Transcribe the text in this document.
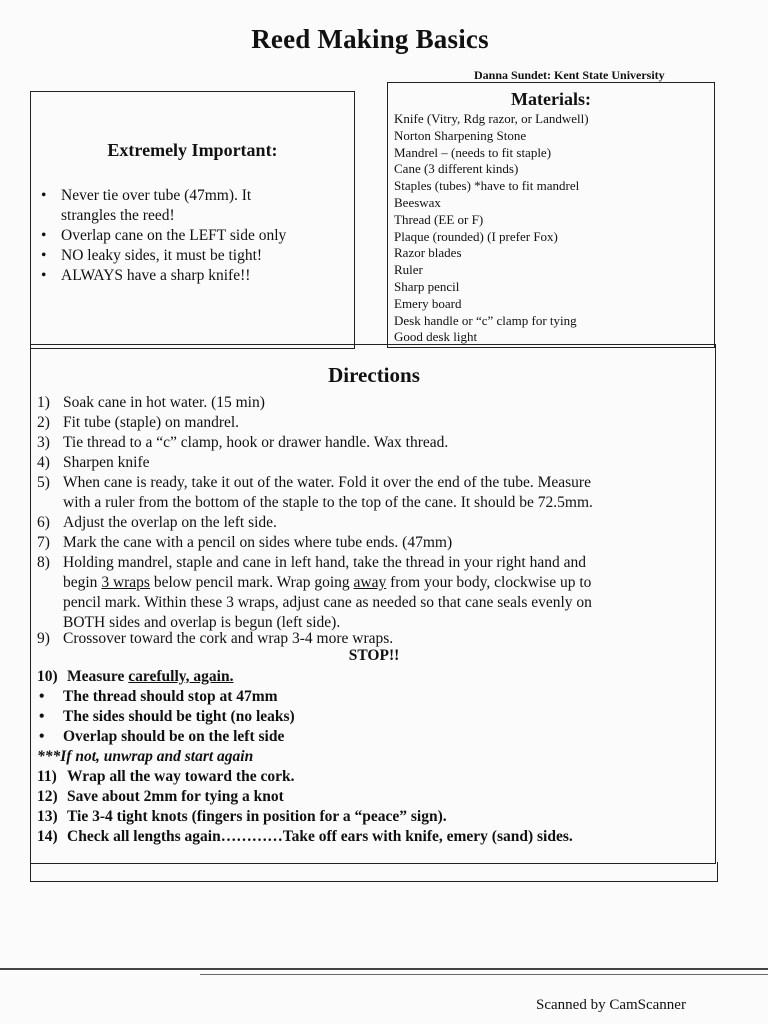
Reed Making Basics
Danna Sundet: Kent State University
Extremely Important:
• Never tie over tube (47mm). It
strangles the reed!
• Overlap cane on the LEFT side only
• NO leaky sides, it must be tight!
• ALWAYS have a sharp knife!!
Materials:
Knife (Vitry, Rdg razor, or Landwell)
Norton Sharpening Stone
Mandrel – (needs to fit staple)
Cane (3 different kinds)
Staples (tubes) *have to fit mandrel
Beeswax
Thread (EE or F)
Plaque (rounded) (I prefer Fox)
Razor blades
Ruler
Sharp pencil
Emery board
Desk handle or “c” clamp for tying
Good desk light
Directions
1) Soak cane in hot water. (15 min)
2) Fit tube (staple) on mandrel.
3) Tie thread to a “c” clamp, hook or drawer handle. Wax thread.
4) Sharpen knife
5) When cane is ready, take it out of the water. Fold it over the end of the tube. Measure
with a ruler from the bottom of the staple to the top of the cane. It should be 72.5mm.
6) Adjust the overlap on the left side.
7) Mark the cane with a pencil on sides where tube ends. (47mm)
8) Holding mandrel, staple and cane in left hand, take the thread in your right hand and
begin 3 wraps below pencil mark. Wrap going away from your body, clockwise up to
pencil mark. Within these 3 wraps, adjust cane as needed so that cane seals evenly on
BOTH sides and overlap is begun (left side).
9) Crossover toward the cork and wrap 3-4 more wraps.
STOP!!
10) Measure carefully, again.
• The thread should stop at 47mm
• The sides should be tight (no leaks)
• Overlap should be on the left side
***If not, unwrap and start again
11) Wrap all the way toward the cork.
12) Save about 2mm for tying a knot
13) Tie 3-4 tight knots (fingers in position for a “peace” sign).
14) Check all lengths again…………Take off ears with knife, emery (sand) sides.
Scanned by CamScanner
